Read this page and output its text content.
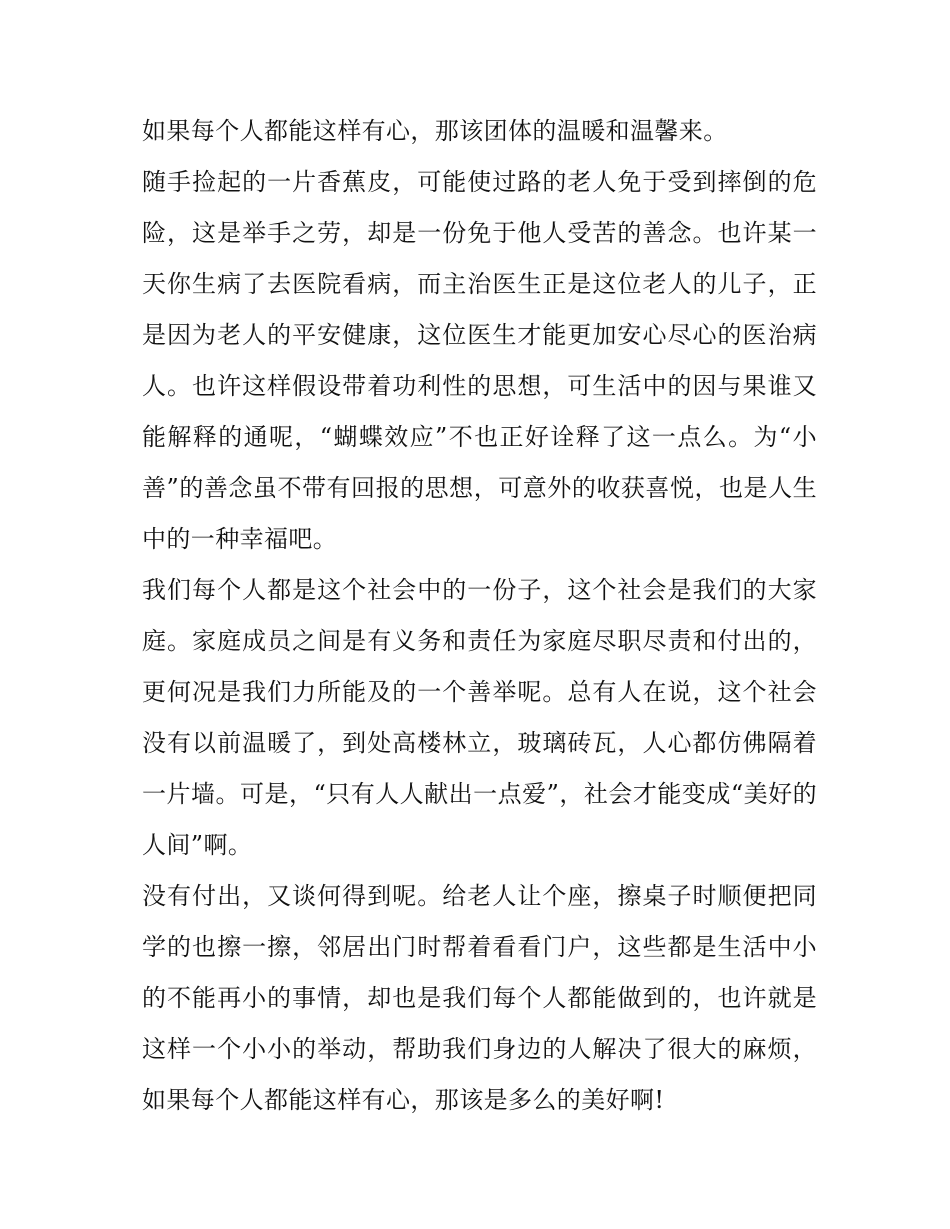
如果每个人都能这样有心，那该团体的温暖和温馨来。

随手捡起的一片香蕉皮，可能使过路的老人免于受到摔倒的危险，这是举手之劳，却是一份免于他人受苦的善念。也许某一天你生病了去医院看病，而主治医生正是这位老人的儿子，正是因为老人的平安健康，这位医生才能更加安心尽心的医治病人。也许这样假设带着功利性的思想，可生活中的因与果谁又能解释的通呢，“蝴蝶效应”不也正好诠释了这一点么。为“小善”的善念虽不带有回报的思想，可意外的收获喜悦，也是人生中的一种幸福吧。

我们每个人都是这个社会中的一份子，这个社会是我们的大家庭。家庭成员之间是有义务和责任为家庭尽职尽责和付出的，更何况是我们力所能及的一个善举呢。总有人在说，这个社会没有以前温暖了，到处高楼林立，玻璃砖瓦，人心都仿佛隔着一片墙。可是，“只有人人献出一点爱”，社会才能变成“美好的人间”啊。

没有付出，又谈何得到呢。给老人让个座，擦桌子时顺便把同学的也擦一擦，邻居出门时帮着看看门户，这些都是生活中小的不能再小的事情，却也是我们每个人都能做到的，也许就是这样一个小小的举动，帮助我们身边的人解决了很大的麻烦，如果每个人都能这样有心，那该是多么的美好啊!
